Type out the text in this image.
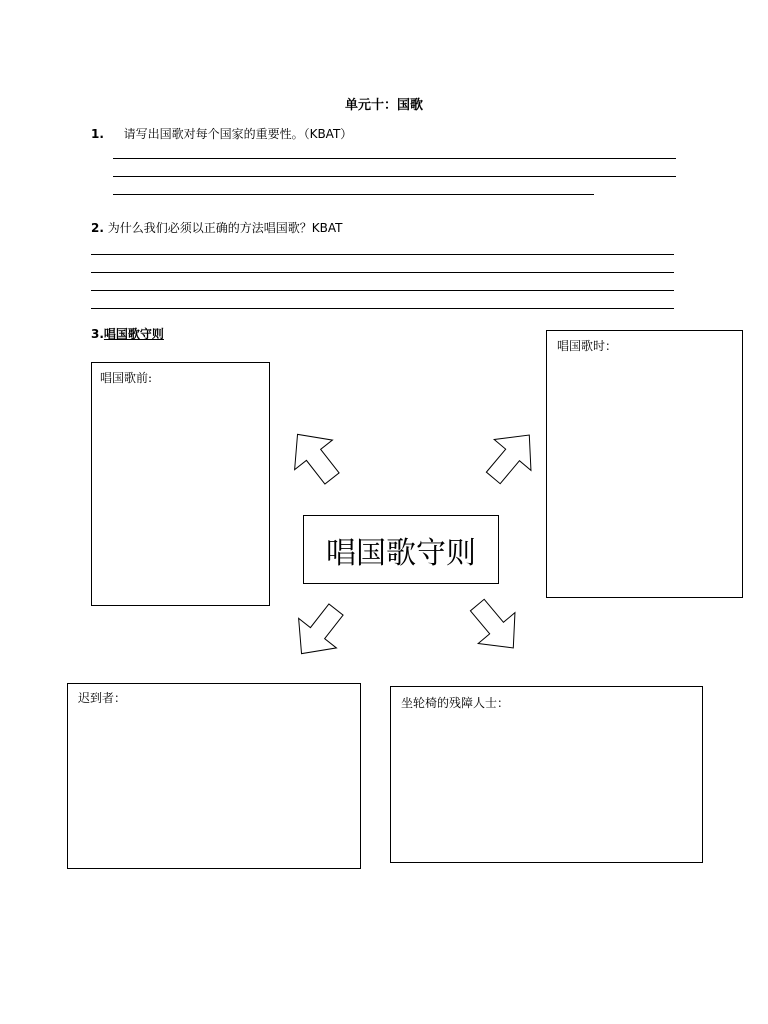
单元十：国歌
1. 请写出国歌对每个国家的重要性。（KBAT）
2. 为什么我们必须以正确的方法唱国歌？KBAT
3.唱国歌守则
唱国歌前:
唱国歌时：
唱国歌守则
迟到者：	坐轮椅的残障人士：
